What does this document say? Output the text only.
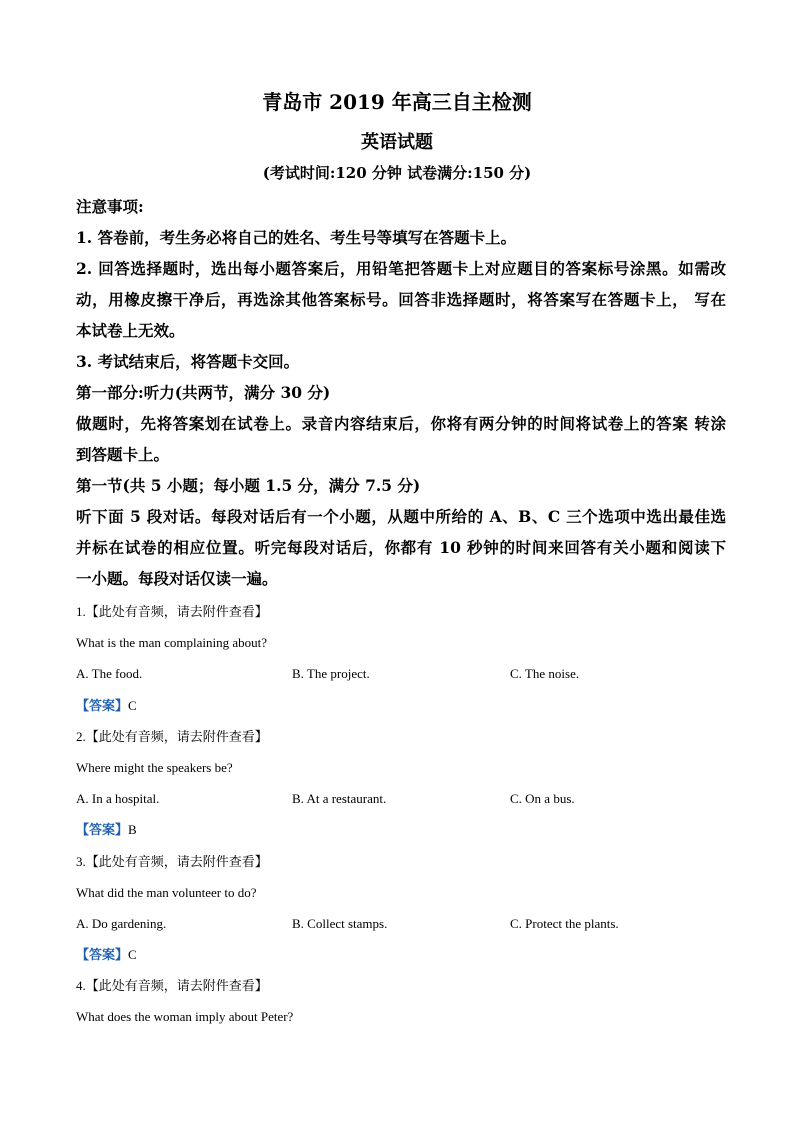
青岛市 2019 年高三自主检测
英语试题
(考试时间:120 分钟 试卷满分:150 分)
注意事项:
1. 答卷前，考生务必将自己的姓名、考生号等填写在答题卡上。
2. 回答选择题时，选出每小题答案后，用铅笔把答题卡上对应题目的答案标号涂黑。如需改
动，用橡皮擦干净后，再选涂其他答案标号。回答非选择题时，将答案写在答题卡上， 写在
本试卷上无效。
3. 考试结束后，将答题卡交回。
第一部分:听力(共两节，满分 30 分)
做题时，先将答案划在试卷上。录音内容结束后，你将有两分钟的时间将试卷上的答案 转涂
到答题卡上。
第一节(共 5 小题；每小题 1.5 分，满分 7.5 分)
听下面 5 段对话。每段对话后有一个小题，从题中所给的 A、B、C 三个选项中选出最佳选
并标在试卷的相应位置。听完每段对话后，你都有 10 秒钟的时间来回答有关小题和阅读下
一小题。每段对话仅读一遍。
1.【此处有音频，请去附件查看】
What is the man complaining about?
A. The food.	B. The project.	C. The noise.
【答案】C
2.【此处有音频，请去附件查看】
Where might the speakers be?
A. In a hospital.	B. At a restaurant.	C. On a bus.
【答案】B
3.【此处有音频，请去附件查看】
What did the man volunteer to do?
A. Do gardening.	B. Collect stamps.	C. Protect the plants.
【答案】C
4.【此处有音频，请去附件查看】
What does the woman imply about Peter?
